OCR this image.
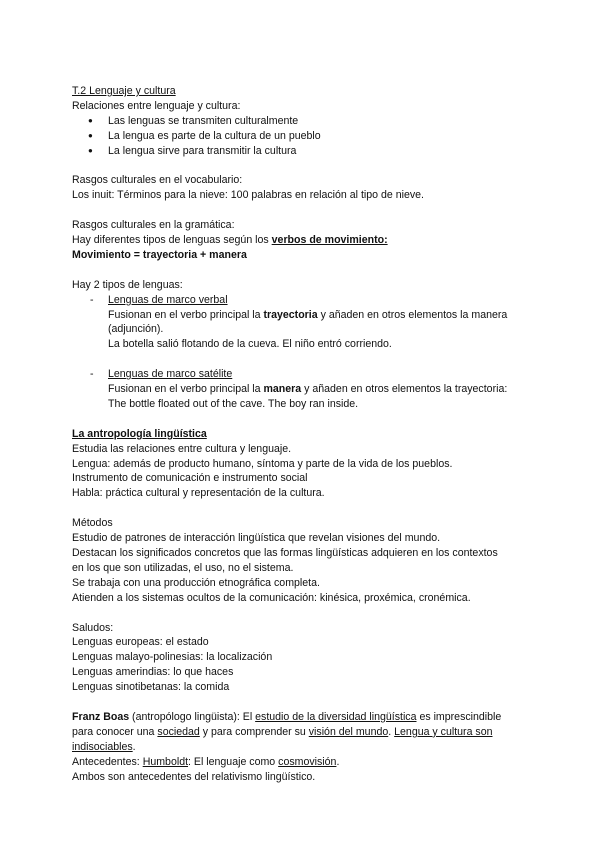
T.2 Lenguaje y cultura
Relaciones entre lenguaje y cultura:
● Las lenguas se transmiten culturalmente
● La lengua es parte de la cultura de un pueblo
● La lengua sirve para transmitir la cultura
Rasgos culturales en el vocabulario:
Los inuit: Términos para la nieve: 100 palabras en relación al tipo de nieve.
Rasgos culturales en la gramática:
Hay diferentes tipos de lenguas según los verbos de movimiento:
Movimiento = trayectoria + manera
Hay 2 tipos de lenguas:
- Lenguas de marco verbal
Fusionan en el verbo principal la trayectoria y añaden en otros elementos la manera
(adjunción).
La botella salió flotando de la cueva. El niño entró corriendo.
- Lenguas de marco satélite
Fusionan en el verbo principal la manera y añaden en otros elementos la trayectoria:
The bottle floated out of the cave. The boy ran inside.
La antropología lingüística
Estudia las relaciones entre cultura y lenguaje.
Lengua: además de producto humano, síntoma y parte de la vida de los pueblos.
Instrumento de comunicación e instrumento social
Habla: práctica cultural y representación de la cultura.
Métodos
Estudio de patrones de interacción lingüística que revelan visiones del mundo.
Destacan los significados concretos que las formas lingüísticas adquieren en los contextos
en los que son utilizadas, el uso, no el sistema.
Se trabaja con una producción etnográfica completa.
Atienden a los sistemas ocultos de la comunicación: kinésica, proxémica, cronémica.
Saludos:
Lenguas europeas: el estado
Lenguas malayo-polinesias: la localización
Lenguas amerindias: lo que haces
Lenguas sinotibetanas: la comida
Franz Boas (antropólogo lingüista): El estudio de la diversidad lingüística es imprescindible
para conocer una sociedad y para comprender su visión del mundo. Lengua y cultura son
indisociables.
Antecedentes: Humboldt: El lenguaje como cosmovisión.
Ambos son antecedentes del relativismo lingüístico.
